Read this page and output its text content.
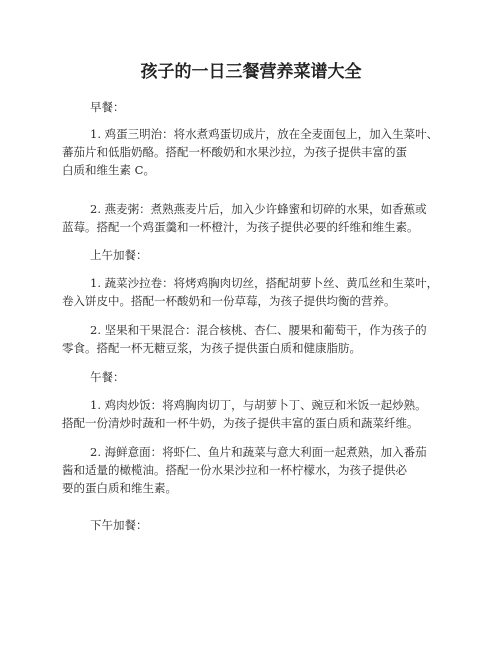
孩子的一日三餐营养菜谱大全

早餐：

1. 鸡蛋三明治：将水煮鸡蛋切成片，放在全麦面包上，加入生菜叶、
蕃茄片和低脂奶酪。搭配一杯酸奶和水果沙拉，为孩子提供丰富的蛋
白质和维生素 C。
2. 燕麦粥：煮熟燕麦片后，加入少许蜂蜜和切碎的水果，如香蕉或
蓝莓。搭配一个鸡蛋羹和一杯橙汁，为孩子提供必要的纤维和维生素。

上午加餐：

1. 蔬菜沙拉卷：将烤鸡胸肉切丝，搭配胡萝卜丝、黄瓜丝和生菜叶，
卷入饼皮中。搭配一杯酸奶和一份草莓，为孩子提供均衡的营养。
2. 坚果和干果混合：混合核桃、杏仁、腰果和葡萄干，作为孩子的
零食。搭配一杯无糖豆浆，为孩子提供蛋白质和健康脂肪。

午餐：

1. 鸡肉炒饭：将鸡胸肉切丁，与胡萝卜丁、豌豆和米饭一起炒熟。
搭配一份清炒时蔬和一杯牛奶，为孩子提供丰富的蛋白质和蔬菜纤维。
2. 海鲜意面：将虾仁、鱼片和蔬菜与意大利面一起煮熟，加入番茄
酱和适量的橄榄油。搭配一份水果沙拉和一杯柠檬水，为孩子提供必
要的蛋白质和维生素。

下午加餐：
